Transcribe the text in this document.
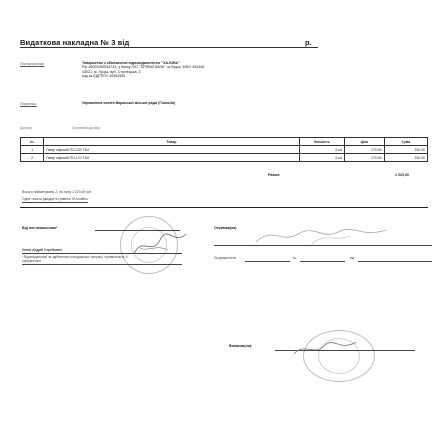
Видаткова накладна № 3 від	р.
Постачальник:	Товариство з обмеженою відповідальністю "ХА-БІНА"
Р/р 26002055518743, у банку ПАТ "ПРИВАТБАНК", м.Луцьк, МФО 303440,
43021, м. Луцьк, вул. Стрілецька, 2,
код за ЄДРПОУ 40952555
Покупець:	Управління освіти Вараської міської ради (Гімназія)
Договір:	Основний договір
№	Товар	Кількість	Ціна	Сума
1	Папір офісний ПО-203 Т.Бл	3 шт	170,00	510,00
2	Папір офісний ПО-170 Т.Бл	3 шт	170,00	510,00
Разом:	1 020,00
Всього найменувань 2, на суму 1 020,00 грн.
Одна тисяча двадцять гривень 00 копійок
Від постачальника*
Хаїтів Андрій Сергійович
* Відповідальний за здійснення господарської операції і правильність її оформлення
Отримав(ла)
За довіреністю	№	від
Виписав(ла):
